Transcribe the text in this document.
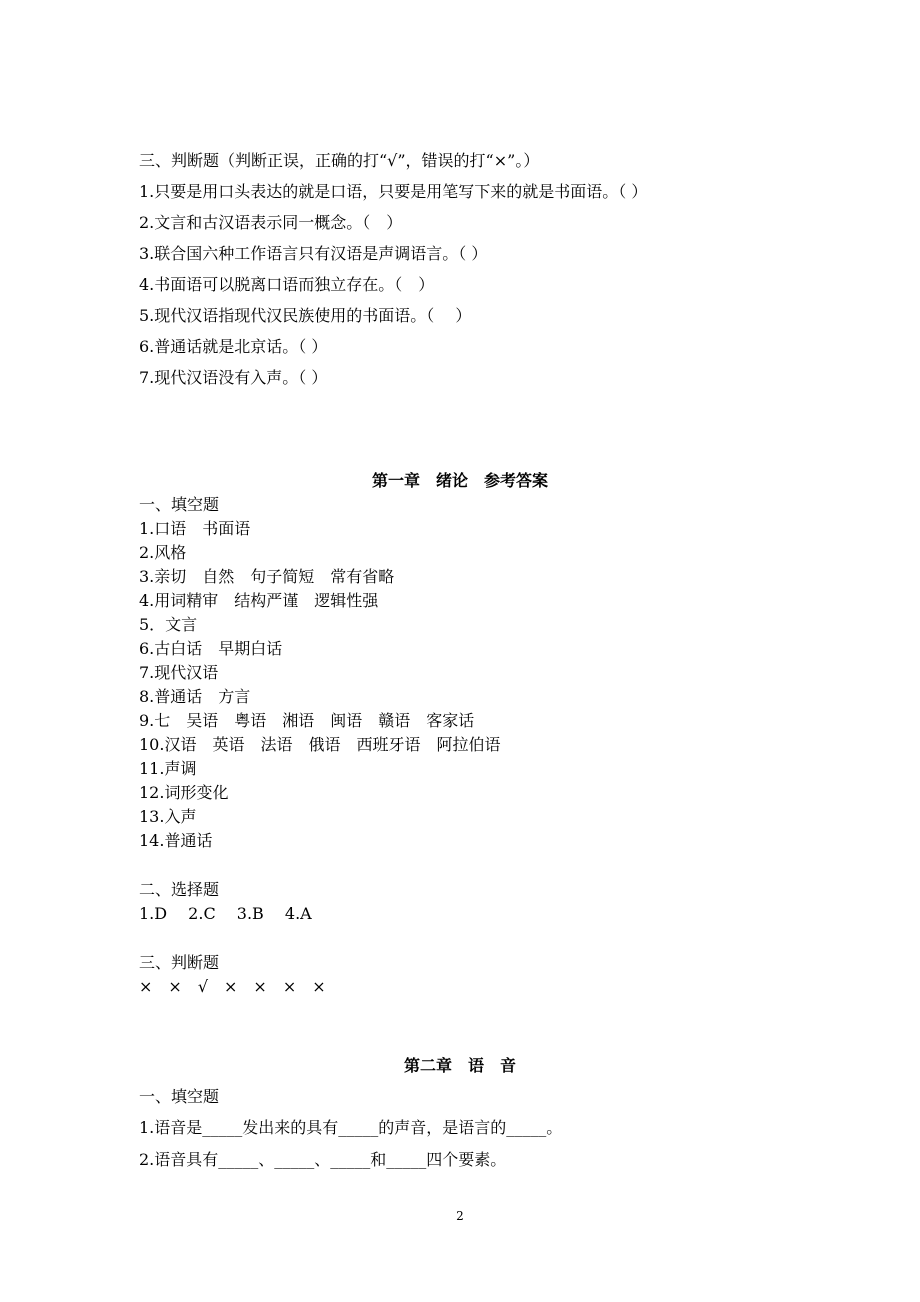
三、判断题（判断正误，正确的打“√”，错误的打“×”。）
1.只要是用口头表达的就是口语，只要是用笔写下来的就是书面语。（ ）
2.文言和古汉语表示同一概念。（　）
3.联合国六种工作语言只有汉语是声调语言。（ ）
4.书面语可以脱离口语而独立存在。（　）
5.现代汉语指现代汉民族使用的书面语。（　 ）
6.普通话就是北京话。（ ）
7.现代汉语没有入声。（ ）
第一章　绪论　参考答案
一、填空题
1.口语　书面语
2.风格
3.亲切　自然　句子简短　常有省略
4.用词精审　结构严谨　逻辑性强
5．文言
6.古白话　早期白话
7.现代汉语
8.普通话　方言
9.七　吴语　粤语　湘语　闽语　赣语　客家话
10.汉语　英语　法语　俄语　西班牙语　阿拉伯语
11.声调
12.词形变化
13.入声
14.普通话
二、选择题
1.D　 2.C　 3.B　 4.A
三、判断题
×　×　√　×　×　×　×
第二章　语　音
一、填空题
1.语音是_____发出来的具有_____的声音，是语言的_____。
2.语音具有_____、_____、_____和_____四个要素。
2
